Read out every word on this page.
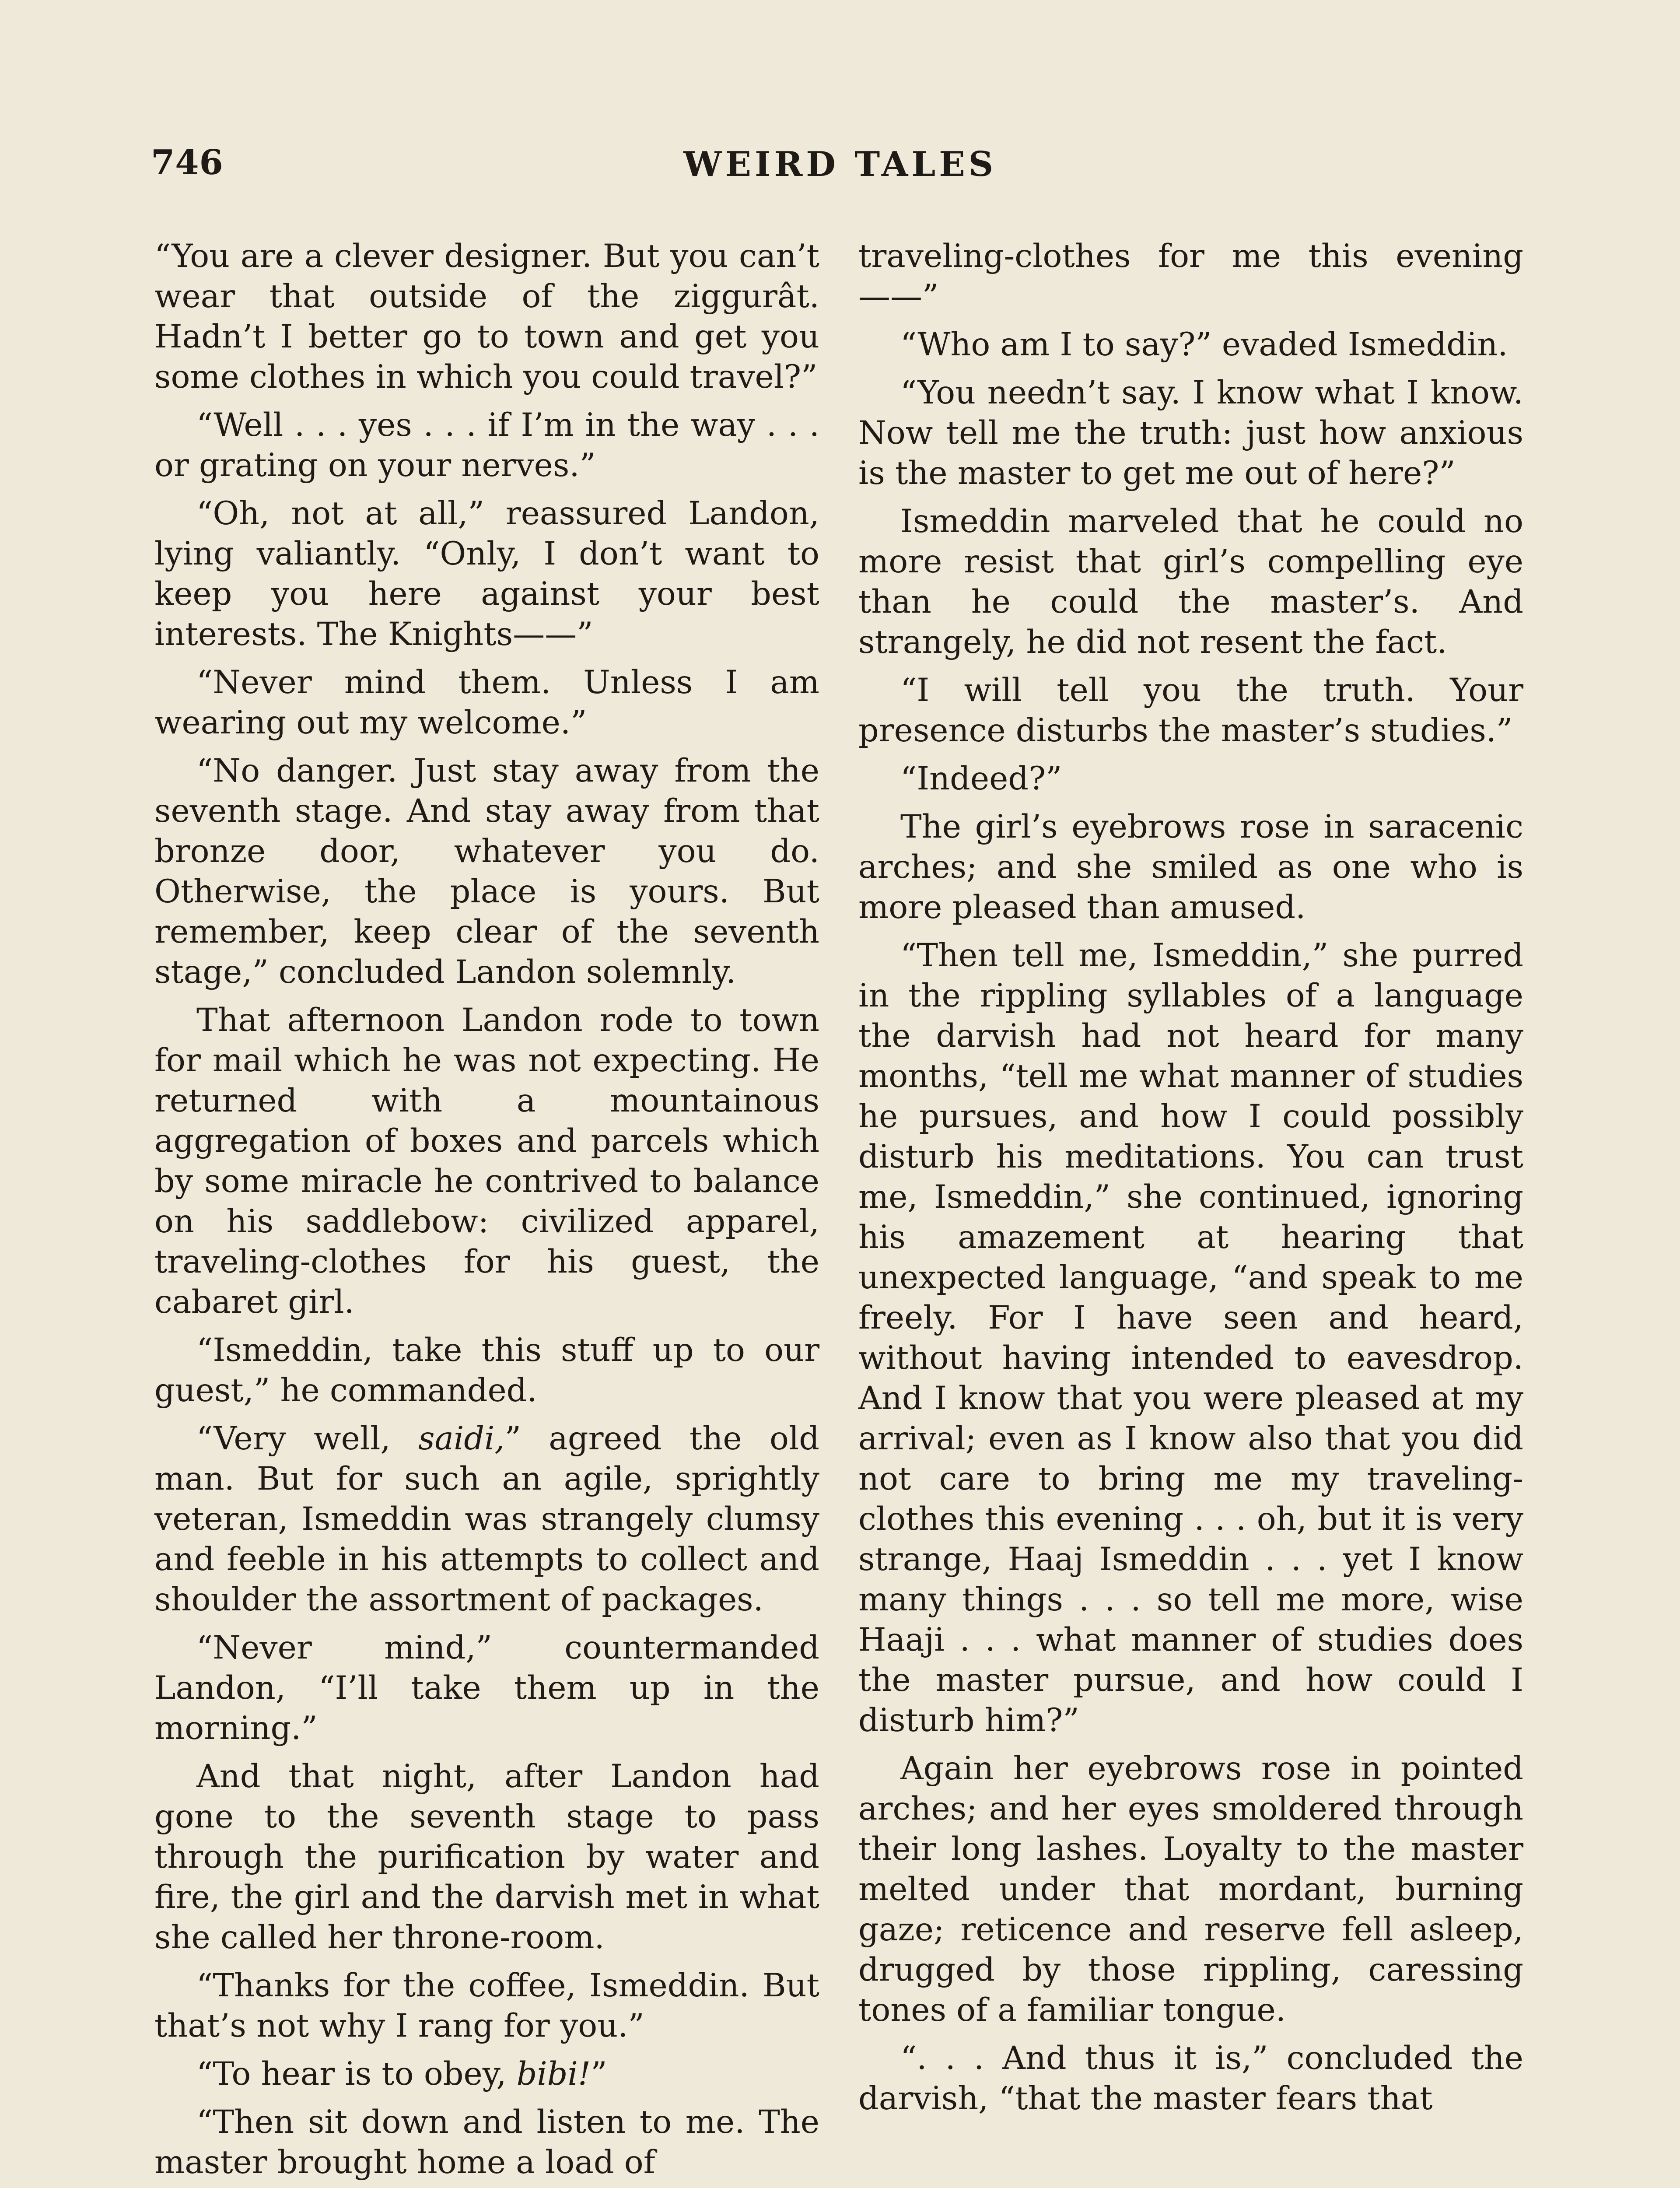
746	WEIRD TALES

“You are a clever designer. But you can’t wear that outside of the ziggurât. Hadn’t I better go to town and get you some clothes in which you could travel?”

“Well . . . yes . . . if I’m in the way . . . or grating on your nerves.”

“Oh, not at all,” reassured Landon, lying valiantly. “Only, I don’t want to keep you here against your best interests. The Knights——”

“Never mind them. Unless I am wearing out my welcome.”

“No danger. Just stay away from the seventh stage. And stay away from that bronze door, whatever you do. Otherwise, the place is yours. But remember, keep clear of the seventh stage,” concluded Landon solemnly.

That afternoon Landon rode to town for mail which he was not expecting. He returned with a mountainous aggregation of boxes and parcels which by some miracle he contrived to balance on his saddlebow: civilized apparel, traveling-clothes for his guest, the cabaret girl.

“Ismeddin, take this stuff up to our guest,” he commanded.

“Very well, saidi,” agreed the old man. But for such an agile, sprightly veteran, Ismeddin was strangely clumsy and feeble in his attempts to collect and shoulder the assortment of packages.

“Never mind,” countermanded Landon, “I’ll take them up in the morning.”

And that night, after Landon had gone to the seventh stage to pass through the purification by water and fire, the girl and the darvish met in what she called her throne-room.

“Thanks for the coffee, Ismeddin. But that’s not why I rang for you.”

“To hear is to obey, bibi!”

“Then sit down and listen to me. The master brought home a load of

traveling-clothes for me this evening——”

“Who am I to say?” evaded Ismeddin.

“You needn’t say. I know what I know. Now tell me the truth: just how anxious is the master to get me out of here?”

Ismeddin marveled that he could no more resist that girl’s compelling eye than he could the master’s. And strangely, he did not resent the fact.

“I will tell you the truth. Your presence disturbs the master’s studies.”

“Indeed?”

The girl’s eyebrows rose in saracenic arches; and she smiled as one who is more pleased than amused.

“Then tell me, Ismeddin,” she purred in the rippling syllables of a language the darvish had not heard for many months, “tell me what manner of studies he pursues, and how I could possibly disturb his meditations. You can trust me, Ismeddin,” she continued, ignoring his amazement at hearing that unexpected language, “and speak to me freely. For I have seen and heard, without having intended to eavesdrop. And I know that you were pleased at my arrival; even as I know also that you did not care to bring me my traveling-clothes this evening . . . oh, but it is very strange, Haaj Ismeddin . . . yet I know many things . . . so tell me more, wise Haaji . . . what manner of studies does the master pursue, and how could I disturb him?”

Again her eyebrows rose in pointed arches; and her eyes smoldered through their long lashes. Loyalty to the master melted under that mordant, burning gaze; reticence and reserve fell asleep, drugged by those rippling, caressing tones of a familiar tongue.

“. . . And thus it is,” concluded the darvish, “that the master fears that
